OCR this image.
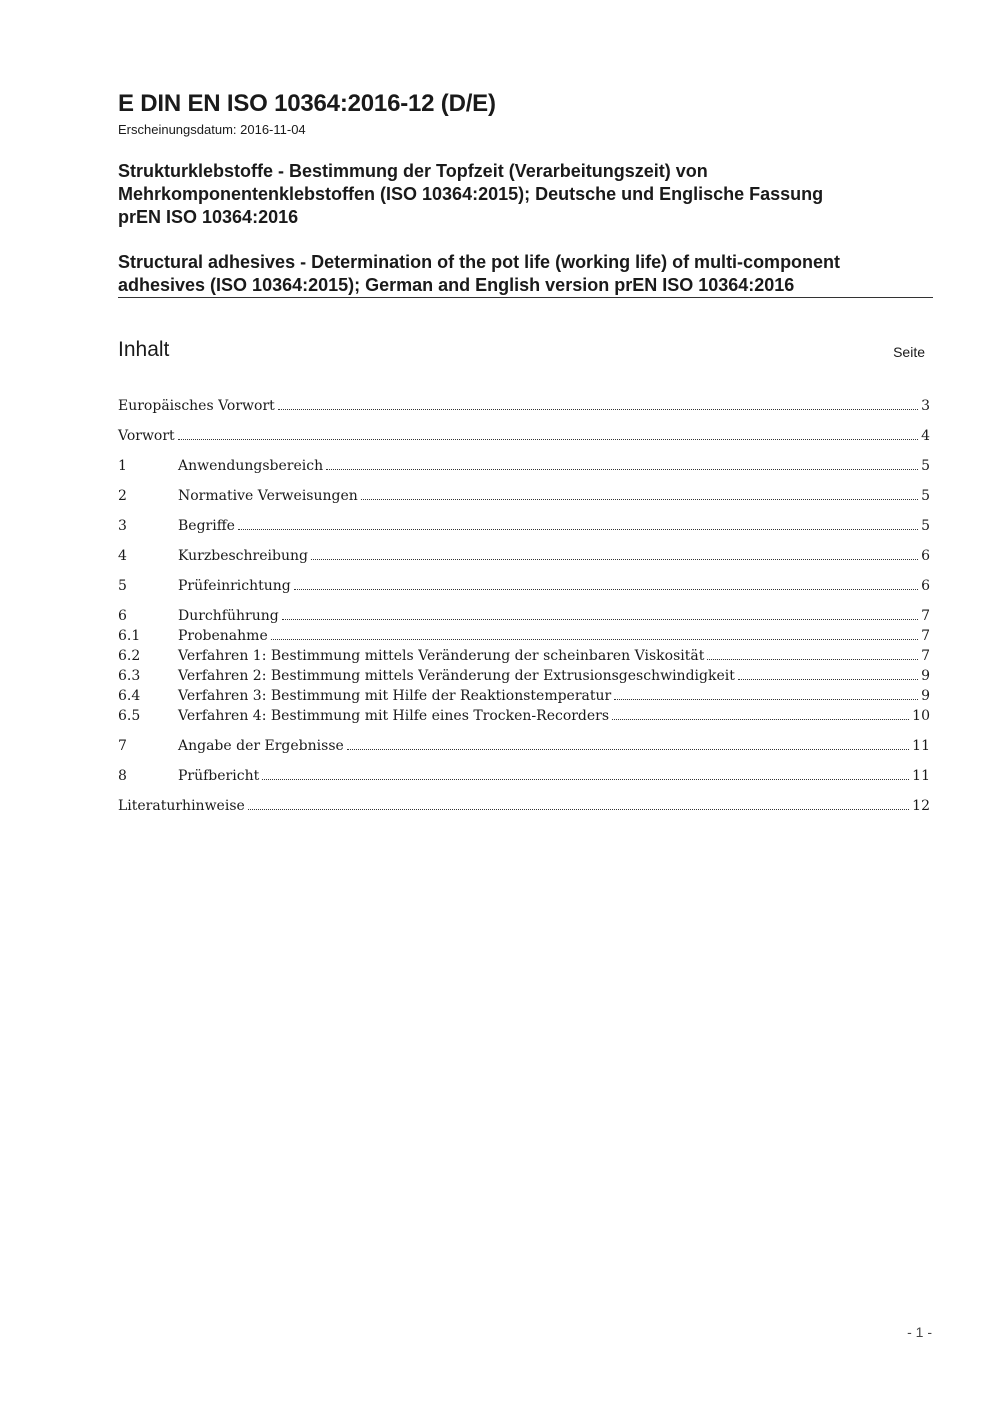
E DIN EN ISO 10364:2016-12 (D/E)
Erscheinungsdatum: 2016-11-04
Strukturklebstoffe - Bestimmung der Topfzeit (Verarbeitungszeit) von
Mehrkomponentenklebstoffen (ISO 10364:2015); Deutsche und Englische Fassung
prEN ISO 10364:2016
Structural adhesives - Determination of the pot life (working life) of multi-component
adhesives (ISO 10364:2015); German and English version prEN ISO 10364:2016
Inhalt	Seite
Europäisches Vorwort	3
Vorwort	4
1	Anwendungsbereich	5
2	Normative Verweisungen	5
3	Begriffe	5
4	Kurzbeschreibung	6
5	Prüfeinrichtung	6
6	Durchführung	7
6.1	Probenahme	7
6.2	Verfahren 1: Bestimmung mittels Veränderung der scheinbaren Viskosität	7
6.3	Verfahren 2: Bestimmung mittels Veränderung der Extrusionsgeschwindigkeit	9
6.4	Verfahren 3: Bestimmung mit Hilfe der Reaktionstemperatur	9
6.5	Verfahren 4: Bestimmung mit Hilfe eines Trocken-Recorders	10
7	Angabe der Ergebnisse	11
8	Prüfbericht	11
Literaturhinweise	12
- 1 -
